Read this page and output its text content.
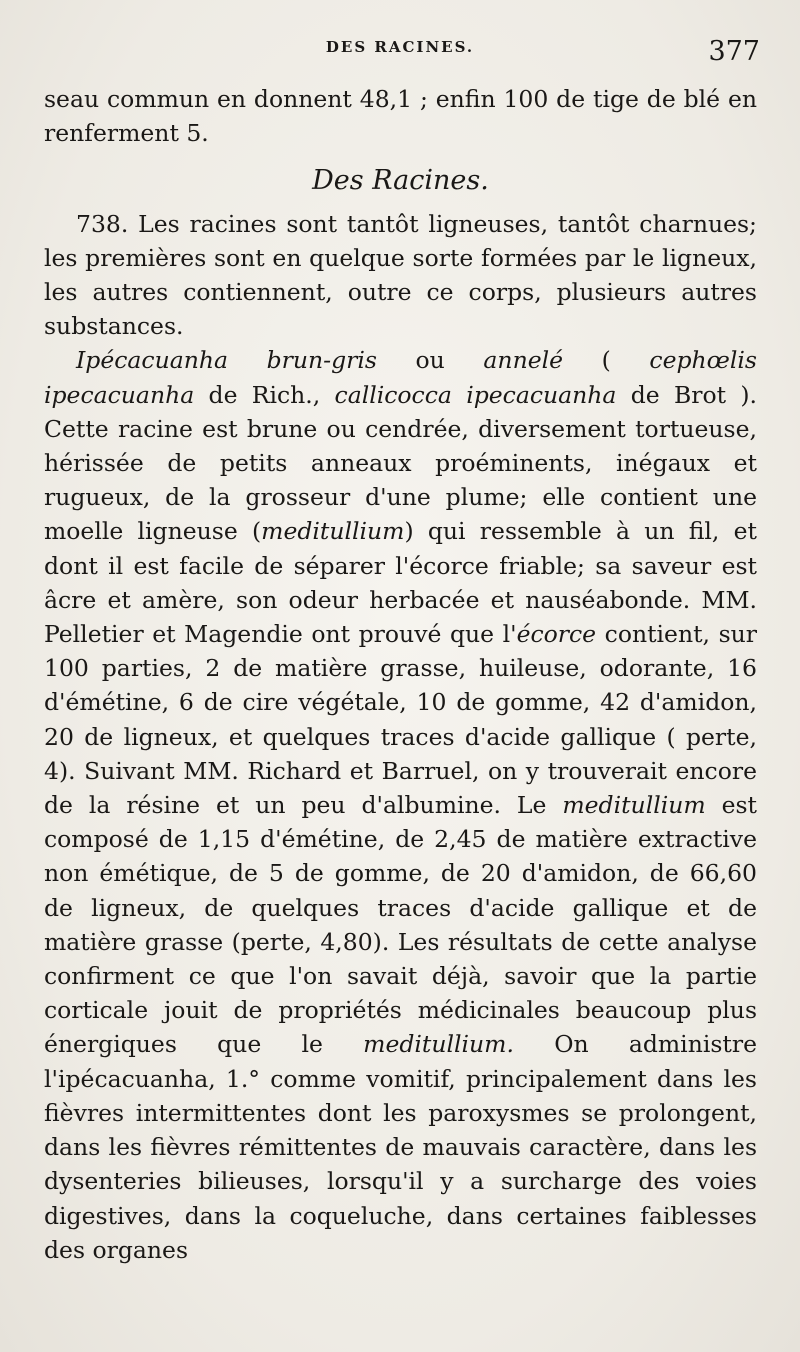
DES RACINES.	377

seau commun en donnent 48,1 ; enfin 100 de tige de blé en renferment 5.

Des Racines.

738. Les racines sont tantôt ligneuses, tantôt charnues; les premières sont en quelque sorte formées par le ligneux, les autres contiennent, outre ce corps, plusieurs autres substances.

Ipécacuanha brun-gris ou annelé ( cephœlis ipecacuanha de Rich., callicocca ipecacuanha de Brot ). Cette racine est brune ou cendrée, diversement tortueuse, hérissée de petits anneaux proéminents, inégaux et rugueux, de la grosseur d'une plume; elle contient une moelle ligneuse (meditullium) qui ressemble à un fil, et dont il est facile de séparer l'écorce friable; sa saveur est âcre et amère, son odeur herbacée et nauséabonde. MM. Pelletier et Magendie ont prouvé que l'écorce contient, sur 100 parties, 2 de matière grasse, huileuse, odorante, 16 d'émétine, 6 de cire végétale, 10 de gomme, 42 d'amidon, 20 de ligneux, et quelques traces d'acide gallique ( perte, 4). Suivant MM. Richard et Barruel, on y trouverait encore de la résine et un peu d'albumine. Le meditullium est composé de 1,15 d'émétine, de 2,45 de matière extractive non émétique, de 5 de gomme, de 20 d'amidon, de 66,60 de ligneux, de quelques traces d'acide gallique et de matière grasse (perte, 4,80). Les résultats de cette analyse confirment ce que l'on savait déjà, savoir que la partie corticale jouit de propriétés médicinales beaucoup plus énergiques que le meditullium. On administre l'ipécacuanha, 1.° comme vomitif, principalement dans les fièvres intermittentes dont les paroxysmes se prolongent, dans les fièvres rémittentes de mauvais caractère, dans les dysenteries bilieuses, lorsqu'il y a surcharge des voies digestives, dans la coqueluche, dans certaines faiblesses des organes
